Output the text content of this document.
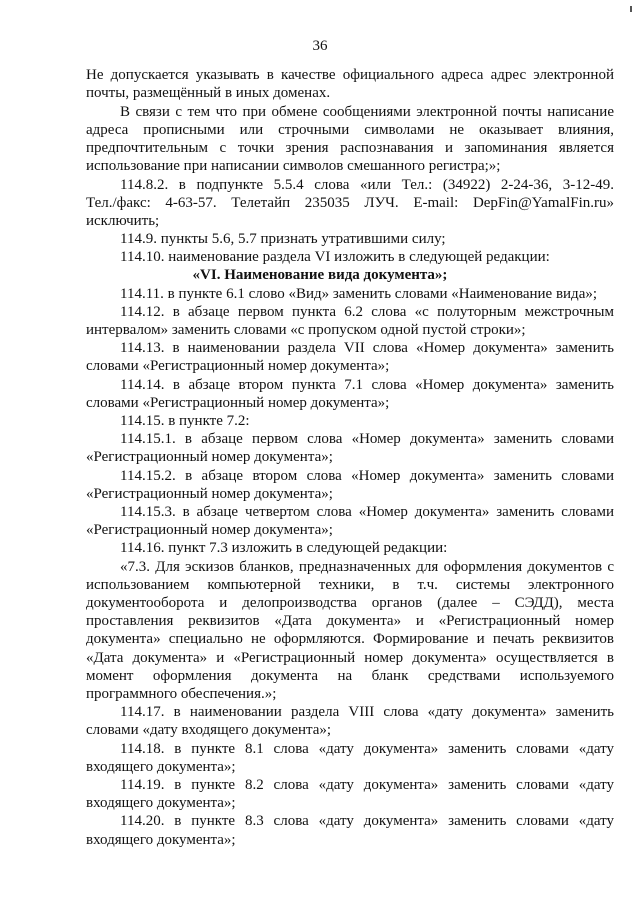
36
Не допускается указывать в качестве официального адреса адрес электронной
почты, размещённый в иных доменах.
В связи с тем что при обмене сообщениями электронной почты написание
адреса прописными или строчными символами не оказывает влияния,
предпочтительным с точки зрения распознавания и запоминания является
использование при написании символов смешанного регистра;»;
114.8.2. в подпункте 5.5.4 слова «или Тел.: (34922) 2-24-36, 3-12-49.
Тел./факс: 4-63-57. Телетайп 235035 ЛУЧ. E-mail: DepFin@YamalFin.ru»
исключить;
114.9. пункты 5.6, 5.7 признать утратившими силу;
114.10. наименование раздела VI изложить в следующей редакции:
«VI. Наименование вида документа»;
114.11. в пункте 6.1 слово «Вид» заменить словами «Наименование вида»;
114.12. в абзаце первом пункта 6.2 слова «с полуторным межстрочным
интервалом» заменить словами «с пропуском одной пустой строки»;
114.13. в наименовании раздела VII слова «Номер документа» заменить
словами «Регистрационный номер документа»;
114.14. в абзаце втором пункта 7.1 слова «Номер документа» заменить
словами «Регистрационный номер документа»;
114.15. в пункте 7.2:
114.15.1. в абзаце первом слова «Номер документа» заменить словами
«Регистрационный номер документа»;
114.15.2. в абзаце втором слова «Номер документа» заменить словами
«Регистрационный номер документа»;
114.15.3. в абзаце четвертом слова «Номер документа» заменить словами
«Регистрационный номер документа»;
114.16. пункт 7.3 изложить в следующей редакции:
«7.3. Для эскизов бланков, предназначенных для оформления документов с
использованием компьютерной техники, в т.ч. системы электронного
документооборота и делопроизводства органов (далее – СЭДД), места
проставления реквизитов «Дата документа» и «Регистрационный номер
документа» специально не оформляются. Формирование и печать реквизитов
«Дата документа» и «Регистрационный номер документа» осуществляется в
момент оформления документа на бланк средствами используемого
программного обеспечения.»;
114.17. в наименовании раздела VIII слова «дату документа» заменить
словами «дату входящего документа»;
114.18. в пункте 8.1 слова «дату документа» заменить словами «дату
входящего документа»;
114.19. в пункте 8.2 слова «дату документа» заменить словами «дату
входящего документа»;
114.20. в пункте 8.3 слова «дату документа» заменить словами «дату
входящего документа»;
